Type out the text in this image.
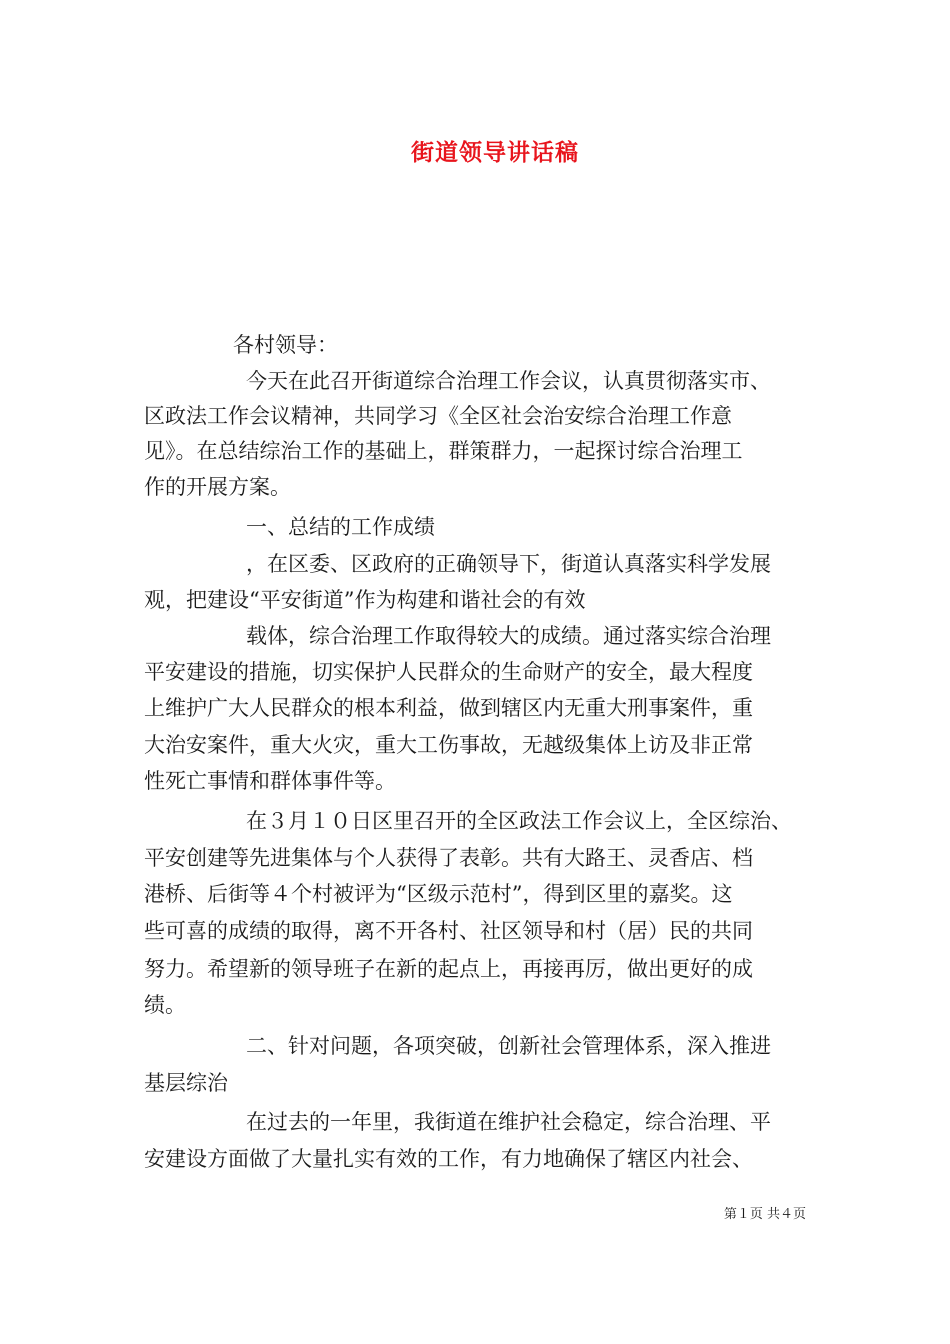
街道领导讲话稿
各村领导：
今天在此召开街道综合治理工作会议，认真贯彻落实市、
区政法工作会议精神，共同学习《全区社会治安综合治理工作意
见》。在总结综治工作的基础上，群策群力，一起探讨综合治理工
作的开展方案。
一、总结的工作成绩
，在区委、区政府的正确领导下，街道认真落实科学发展
观，把建设“平安街道”作为构建和谐社会的有效
载体，综合治理工作取得较大的成绩。通过落实综合治理
平安建设的措施，切实保护人民群众的生命财产的安全，最大程度
上维护广大人民群众的根本利益，做到辖区内无重大刑事案件，重
大治安案件，重大火灾，重大工伤事故，无越级集体上访及非正常
性死亡事情和群体事件等。
在３月１０日区里召开的全区政法工作会议上，全区综治、
平安创建等先进集体与个人获得了表彰。共有大路王、灵香店、档
港桥、后街等４个村被评为“区级示范村”，得到区里的嘉奖。这
些可喜的成绩的取得，离不开各村、社区领导和村（居）民的共同
努力。希望新的领导班子在新的起点上，再接再厉，做出更好的成
绩。
二、针对问题，各项突破，创新社会管理体系，深入推进
基层综治
在过去的一年里，我街道在维护社会稳定，综合治理、平
安建设方面做了大量扎实有效的工作，有力地确保了辖区内社会、
第１页 共４页
